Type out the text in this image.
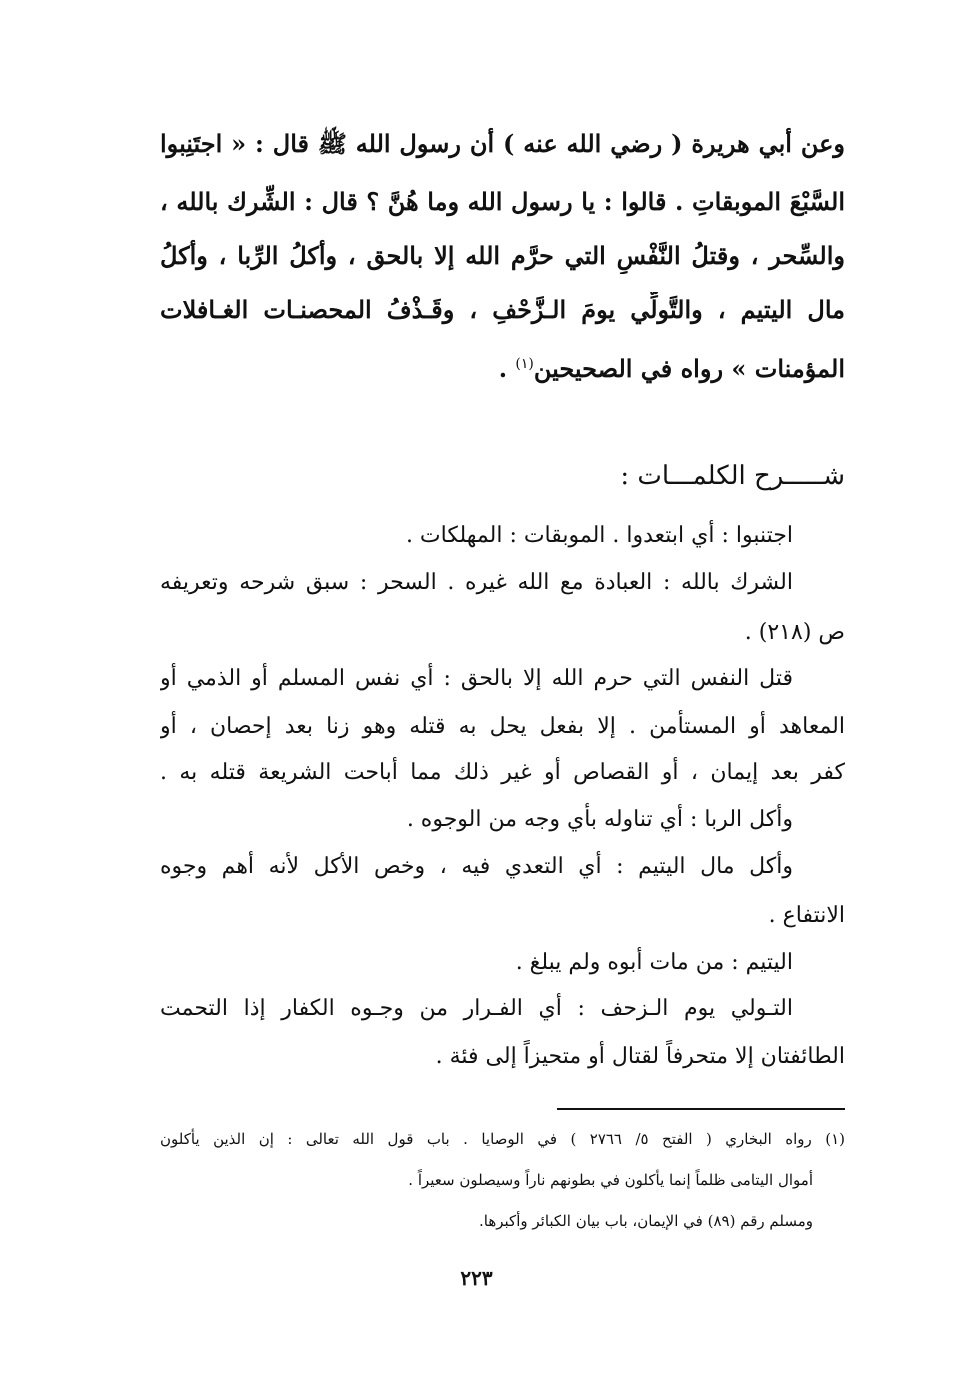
وعن أبي هريرة ( رضي الله عنه ) أن رسول الله ﷺ قال : « اجتَنِبوا
السَّبْعَ الموبقاتِ . قالوا : يا رسول الله وما هُنَّ ؟ قال : الشِّرك بالله ،
والسِّحر ، وقتلُ النَّفْسِ التي حرَّم الله إلا بالحق ، وأكلُ الرِّبا ، وأكلُ
مال اليتيم ، والتَّولِّي يومَ الـزَّحْفِ ، وقَـذْفُ المحصنـات الغـافلات
المؤمنات » رواه في الصحيحين$^{(١)}$ .
شـــــرح الكلمـــات :
اجتنبوا : أي ابتعدوا . الموبقات : المهلكات .
الشرك بالله : العبادة مع الله غيره . السحر : سبق شرحه وتعريفه
ص (٢١٨) .
قتل النفس التي حرم الله إلا بالحق : أي نفس المسلم أو الذمي أو
المعاهد أو المستأمن . إلا بفعل يحل به قتله وهو زنا بعد إحصان ، أو
كفر بعد إيمان ، أو القصاص أو غير ذلك مما أباحت الشريعة قتله به .
وأكل الربا : أي تناوله بأي وجه من الوجوه .
وأكل مال اليتيم : أي التعدي فيه ، وخص الأكل لأنه أهم وجوه
الانتفاع .
اليتيم : من مات أبوه ولم يبلغ .
التـولي يوم الـزحف : أي الفـرار من وجـوه الكفار إذا التحمت
الطائفتان إلا متحرفاً لقتال أو متحيزاً إلى فئة .
(١) رواه البخاري ( الفتح ٥/ ٢٧٦٦ ) في الوصايا . باب قول الله تعالى : إن الذين يأكلون
أموال اليتامى ظلماً إنما يأكلون في بطونهم ناراً وسيصلون سعيراً .
ومسلم رقم (٨٩) في الإيمان، باب بيان الكبائر وأكبرها.
٢٢٣
